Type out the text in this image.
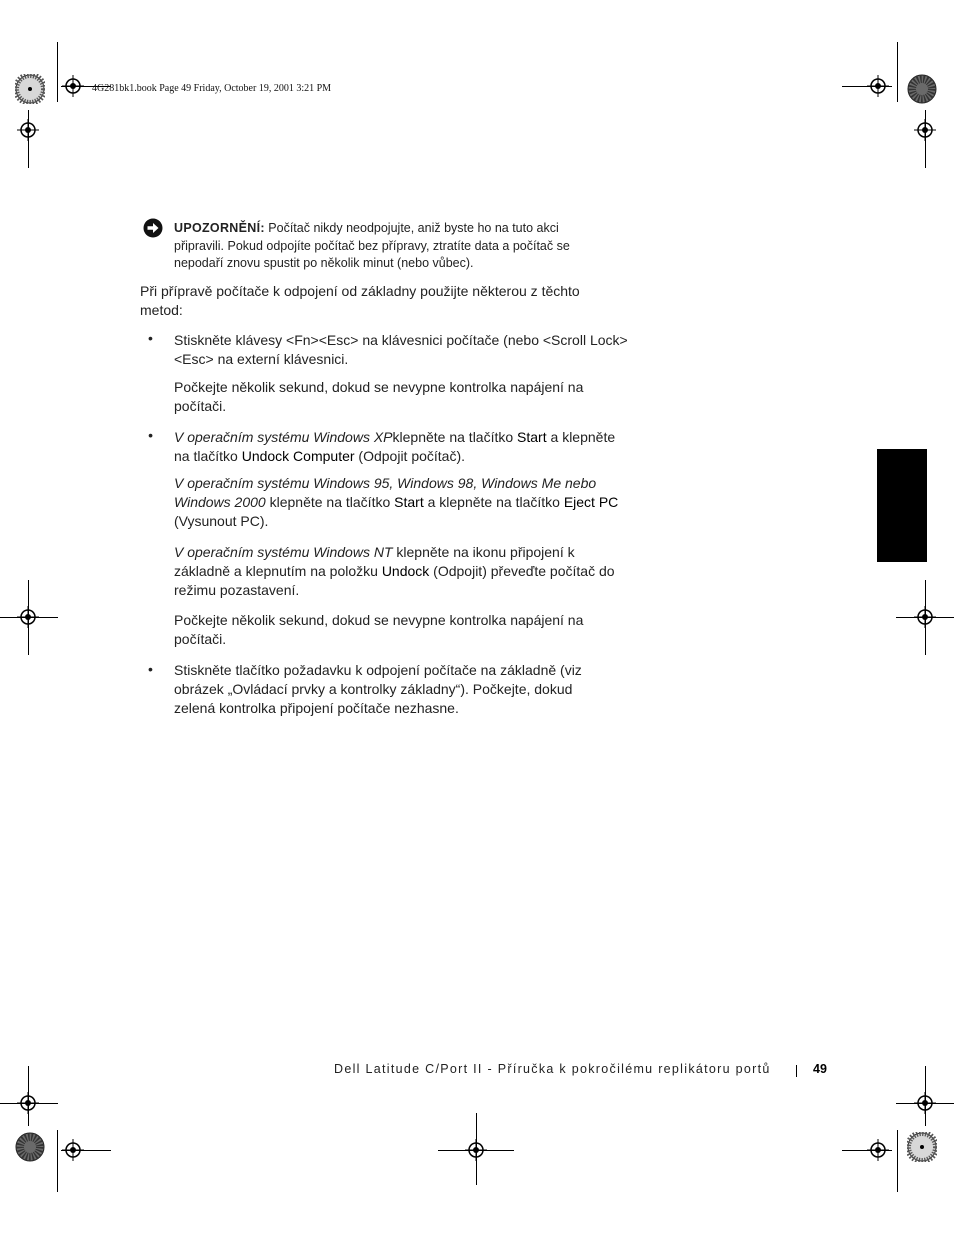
4G281bk1.book Page 49 Friday, October 19, 2001 3:21 PM
UPOZORNĚNÍ: Počítač nikdy neodpojujte, aniž byste ho na tuto akci připravili. Pokud odpojíte počítač bez přípravy, ztratíte data a počítač se nepodaří znovu spustit po několik minut (nebo vůbec).
Při přípravě počítače k odpojení od základny použijte některou z těchto metod:
• Stiskněte klávesy <Fn><Esc> na klávesnici počítače (nebo <Scroll Lock><Esc> na externí klávesnici.
Počkejte několik sekund, dokud se nevypne kontrolka napájení na počítači.
• V operačním systému Windows XPklepněte na tlačítko Start a klepněte na tlačítko Undock Computer (Odpojit počítač).
V operačním systému Windows 95, Windows 98, Windows Me nebo Windows 2000 klepněte na tlačítko Start a klepněte na tlačítko Eject PC (Vysunout PC).
V operačním systému Windows NT klepněte na ikonu připojení k základně a klepnutím na položku Undock (Odpojit) převeďte počítač do režimu pozastavení.
Počkejte několik sekund, dokud se nevypne kontrolka napájení na počítači.
• Stiskněte tlačítko požadavku k odpojení počítače na základně (viz obrázek „Ovládací prvky a kontrolky základny“). Počkejte, dokud zelená kontrolka připojení počítače nezhasne.
Dell Latitude C/Port II - Příručka k pokročilému replikátoru portů	49
